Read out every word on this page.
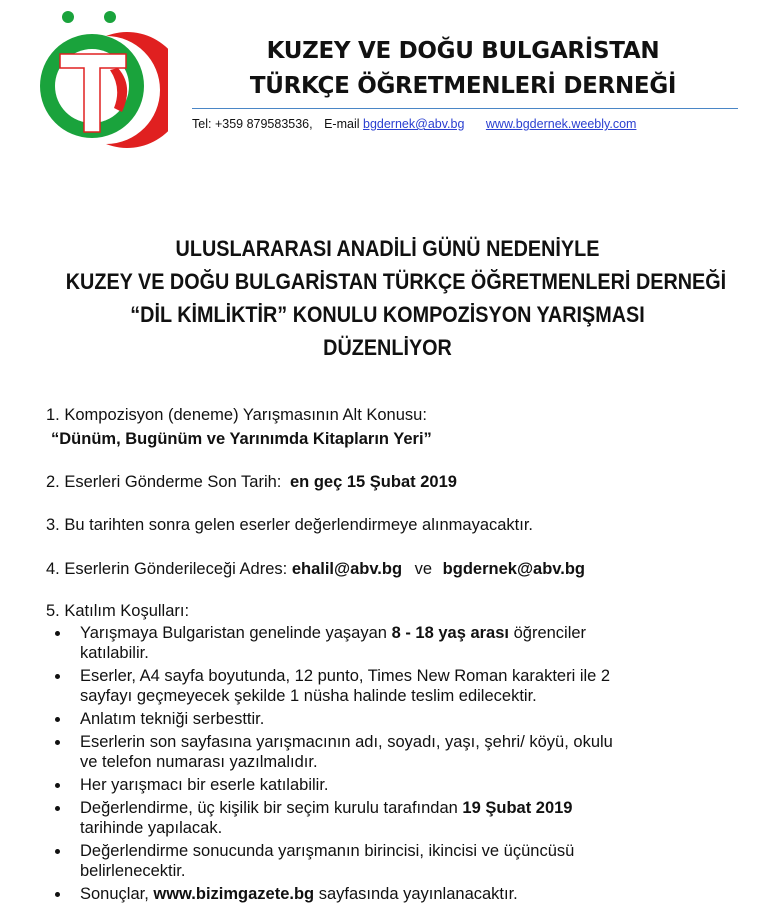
KUZEY VE DOĞU BULGARİSTAN
TÜRKÇE ÖĞRETMENLERİ DERNEĞİ
Tel: +359 879583536, E-mail bgdernek@abv.bg www.bgdernek.weebly.com
ULUSLARARASI ANADİLİ GÜNÜ NEDENİYLE
KUZEY VE DOĞU BULGARİSTAN TÜRKÇE ÖĞRETMENLERİ DERNEĞİ
“DİL KİMLİKTİR” KONULU KOMPOZİSYON YARIŞMASI
DÜZENLİYOR
1. Kompozisyon (deneme) Yarışmasının Alt Konusu:
“Dünüm, Bugünüm ve Yarınımda Kitapların Yeri”
2. Eserleri Gönderme Son Tarih: en geç 15 Şubat 2019
3. Bu tarihten sonra gelen eserler değerlendirmeye alınmayacaktır.
4. Eserlerin Gönderileceği Adres: ehalil@abv.bg ve bgdernek@abv.bg
5. Katılım Koşulları:
Yarışmaya Bulgaristan genelinde yaşayan 8 - 18 yaş arası öğrenciler
katılabilir.
Eserler, A4 sayfa boyutunda, 12 punto, Times New Roman karakteri ile 2
sayfayı geçmeyecek şekilde 1 nüsha halinde teslim edilecektir.
Anlatım tekniği serbesttir.
Eserlerin son sayfasına yarışmacının adı, soyadı, yaşı, şehri/ köyü, okulu
ve telefon numarası yazılmalıdır.
Her yarışmacı bir eserle katılabilir.
Değerlendirme, üç kişilik bir seçim kurulu tarafından 19 Şubat 2019
tarihinde yapılacak.
Değerlendirme sonucunda yarışmanın birincisi, ikincisi ve üçüncüsü
belirlenecektir.
Sonuçlar, www.bizimgazete.bg sayfasında yayınlanacaktır.
